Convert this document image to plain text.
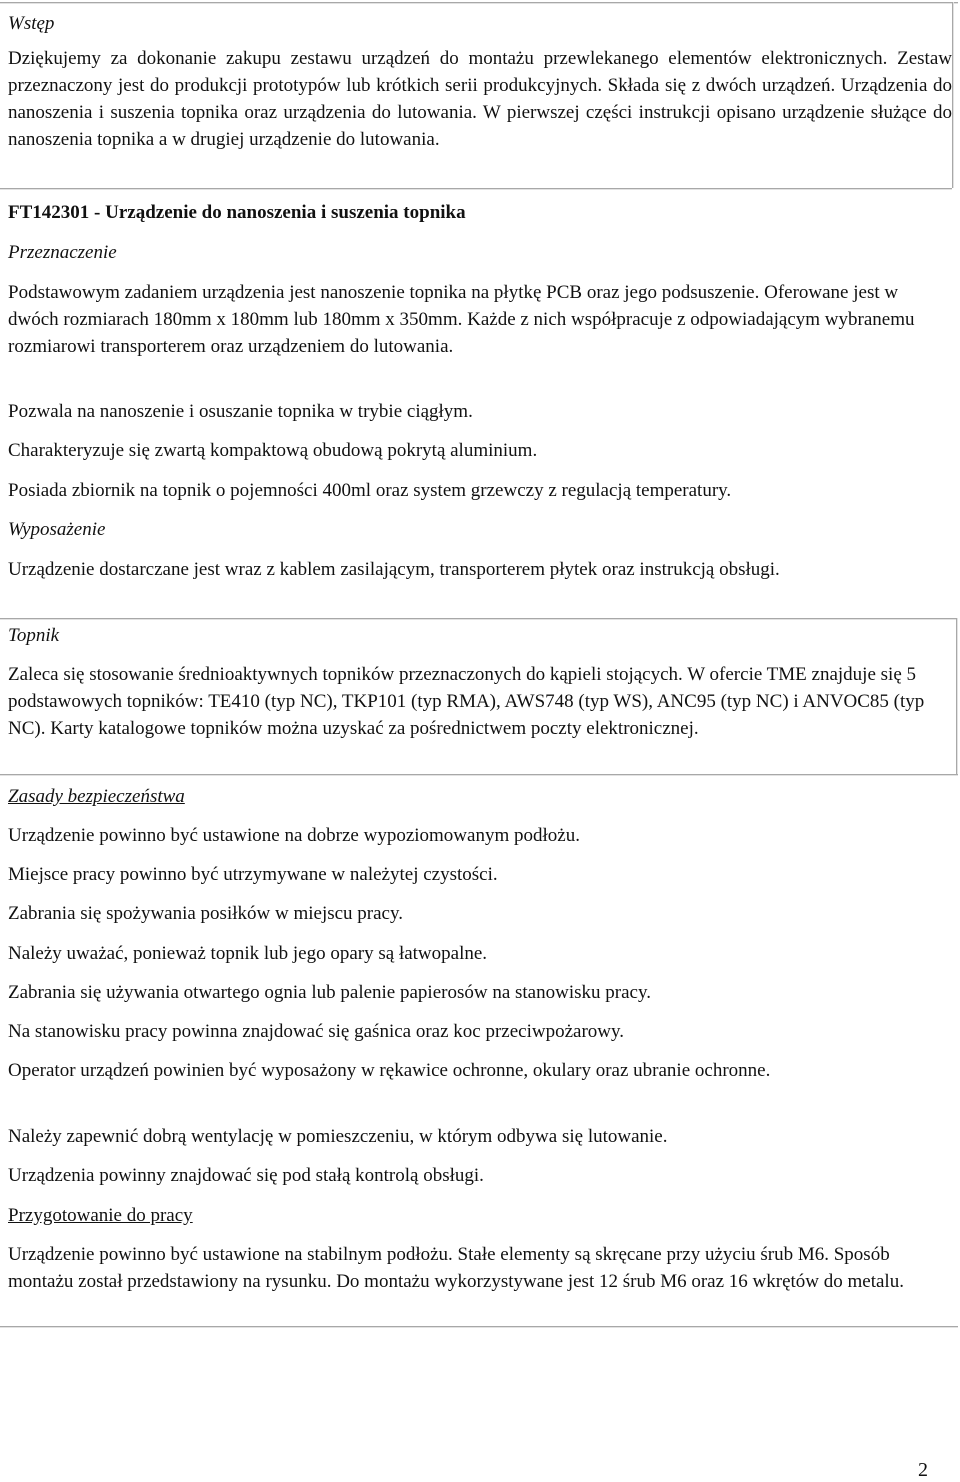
Wstęp

Dziękujemy za dokonanie zakupu zestawu urządzeń do montażu przewlekanego elementów elektronicznych. Zestaw przeznaczony jest do produkcji prototypów lub krótkich serii produkcyjnych. Składa się z dwóch urządzeń. Urządzenia do nanoszenia i suszenia topnika oraz urządzenia do lutowania. W pierwszej części instrukcji opisano urządzenie służące do nanoszenia topnika a w drugiej urządzenie do lutowania.

FT142301 - Urządzenie do nanoszenia i suszenia topnika
Przeznaczenie

Podstawowym zadaniem urządzenia jest nanoszenie topnika na płytkę PCB oraz jego podsuszenie. Oferowane jest w dwóch rozmiarach 180mm x 180mm lub 180mm x 350mm. Każde z nich współpracuje z odpowiadającym wybranemu rozmiarowi transporterem oraz urządzeniem do lutowania.

Pozwala na nanoszenie i osuszanie topnika w trybie ciągłym.

Charakteryzuje się zwartą kompaktową obudową pokrytą aluminium.

Posiada zbiornik na topnik o pojemności 400ml oraz system grzewczy z regulacją temperatury.

Wyposażenie

Urządzenie dostarczane jest wraz z kablem zasilającym, transporterem płytek oraz instrukcją obsługi.

Topnik

Zaleca się stosowanie średnioaktywnych topników przeznaczonych do kąpieli stojących. W ofercie TME znajduje się 5 podstawowych topników: TE410 (typ NC), TKP101 (typ RMA), AWS748 (typ WS), ANC95 (typ NC) i ANVOC85 (typ NC). Karty katalogowe topników można uzyskać za pośrednictwem poczty elektronicznej.

Zasady bezpieczeństwa

Urządzenie powinno być ustawione na dobrze wypoziomowanym podłożu.

Miejsce pracy powinno być utrzymywane w należytej czystości.

Zabrania się spożywania posiłków w miejscu pracy.

Należy uważać, ponieważ topnik lub jego opary są łatwopalne.

Zabrania się używania otwartego ognia lub palenie papierosów na stanowisku pracy.

Na stanowisku pracy powinna znajdować się gaśnica oraz koc przeciwpożarowy.

Operator urządzeń powinien być wyposażony w rękawice ochronne, okulary oraz ubranie ochronne.

Należy zapewnić dobrą wentylację w pomieszczeniu, w którym odbywa się lutowanie.

Urządzenia powinny znajdować się pod stałą kontrolą obsługi.

Przygotowanie do pracy

Urządzenie powinno być ustawione na stabilnym podłożu. Stałe elementy są skręcane przy użyciu śrub M6. Sposób montażu został przedstawiony na rysunku. Do montażu wykorzystywane jest 12 śrub M6 oraz 16 wkrętów do metalu.

2
